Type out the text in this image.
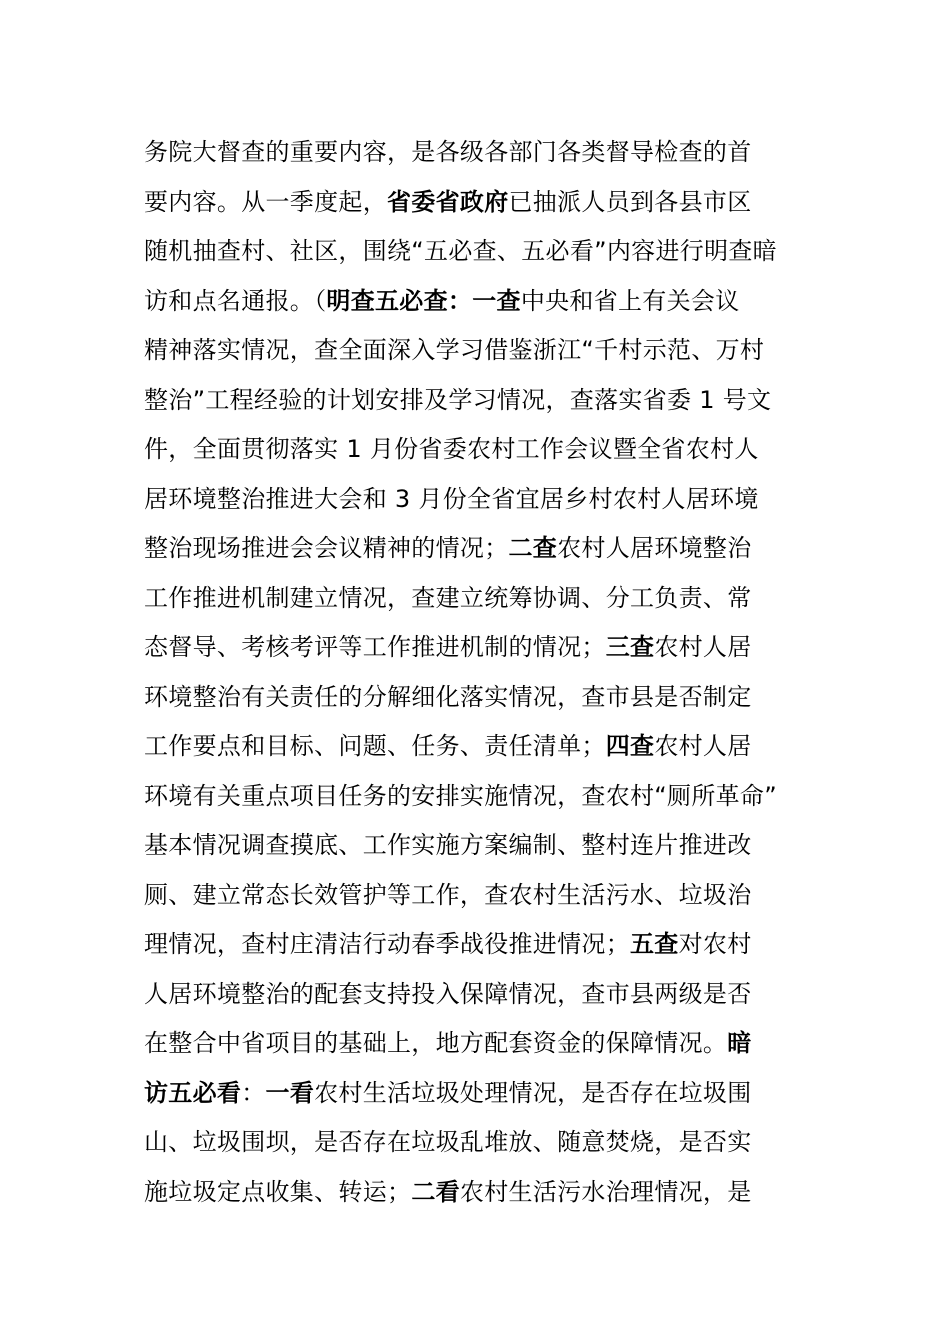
务院大督查的重要内容，是各级各部门各类督导检查的首
要内容。从一季度起，省委省政府已抽派人员到各县市区
随机抽查村、社区，围绕“五必查、五必看”内容进行明查暗
访和点名通报。（明查五必查：一查中央和省上有关会议
精神落实情况，查全面深入学习借鉴浙江“千村示范、万村
整治”工程经验的计划安排及学习情况，查落实省委 1 号文
件，全面贯彻落实 1 月份省委农村工作会议暨全省农村人
居环境整治推进大会和 3 月份全省宜居乡村农村人居环境
整治现场推进会会议精神的情况；二查农村人居环境整治
工作推进机制建立情况，查建立统筹协调、分工负责、常
态督导、考核考评等工作推进机制的情况；三查农村人居
环境整治有关责任的分解细化落实情况，查市县是否制定
工作要点和目标、问题、任务、责任清单；四查农村人居
环境有关重点项目任务的安排实施情况，查农村“厕所革命”
基本情况调查摸底、工作实施方案编制、整村连片推进改
厕、建立常态长效管护等工作，查农村生活污水、垃圾治
理情况，查村庄清洁行动春季战役推进情况；五查对农村
人居环境整治的配套支持投入保障情况，查市县两级是否
在整合中省项目的基础上，地方配套资金的保障情况。暗
访五必看：一看农村生活垃圾处理情况，是否存在垃圾围
山、垃圾围坝，是否存在垃圾乱堆放、随意焚烧，是否实
施垃圾定点收集、转运；二看农村生活污水治理情况，是
